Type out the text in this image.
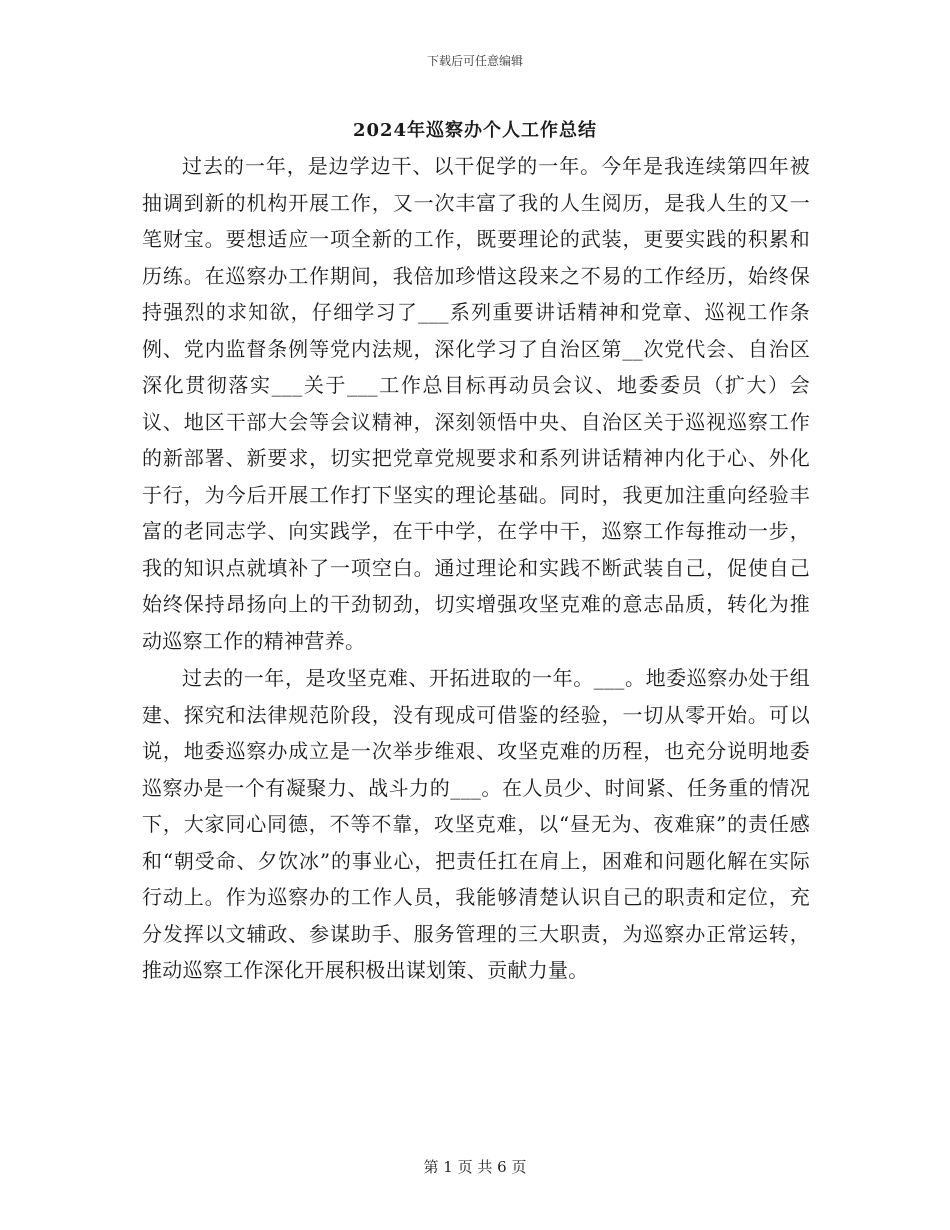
下载后可任意编辑
2024年巡察办个人工作总结

过去的一年，是边学边干、以干促学的一年。今年是我连续第四年被抽调到新的机构开展工作，又一次丰富了我的人生阅历，是我人生的又一笔财宝。要想适应一项全新的工作，既要理论的武装，更要实践的积累和历练。在巡察办工作期间，我倍加珍惜这段来之不易的工作经历，始终保持强烈的求知欲，仔细学习了___系列重要讲话精神和党章、巡视工作条例、党内监督条例等党内法规，深化学习了自治区第__次党代会、自治区深化贯彻落实___关于___工作总目标再动员会议、地委委员（扩大）会议、地区干部大会等会议精神，深刻领悟中央、自治区关于巡视巡察工作的新部署、新要求，切实把党章党规要求和系列讲话精神内化于心、外化于行，为今后开展工作打下坚实的理论基础。同时，我更加注重向经验丰富的老同志学、向实践学，在干中学，在学中干，巡察工作每推动一步，我的知识点就填补了一项空白。通过理论和实践不断武装自己，促使自己始终保持昂扬向上的干劲韧劲，切实增强攻坚克难的意志品质，转化为推动巡察工作的精神营养。

过去的一年，是攻坚克难、开拓进取的一年。___。地委巡察办处于组建、探究和法律规范阶段，没有现成可借鉴的经验，一切从零开始。可以说，地委巡察办成立是一次举步维艰、攻坚克难的历程，也充分说明地委巡察办是一个有凝聚力、战斗力的___。在人员少、时间紧、任务重的情况下，大家同心同德，不等不靠，攻坚克难，以“昼无为、夜难寐”的责任感和“朝受命、夕饮冰”的事业心，把责任扛在肩上，困难和问题化解在实际行动上。作为巡察办的工作人员，我能够清楚认识自己的职责和定位，充分发挥以文辅政、参谋助手、服务管理的三大职责，为巡察办正常运转，推动巡察工作深化开展积极出谋划策、贡献力量。

第 1 页 共 6 页
